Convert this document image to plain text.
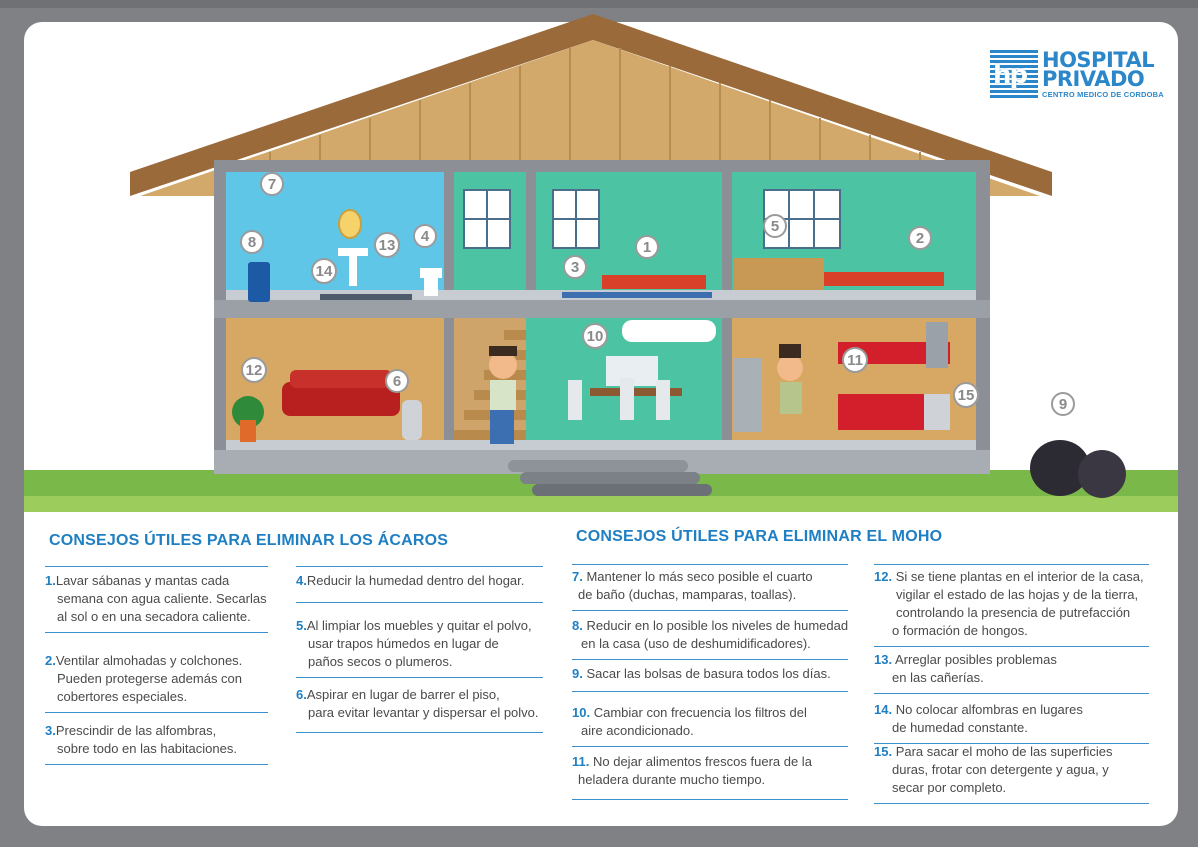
1
2
3
4
5
6
7
8
9
10
11
12
13
14
15
hp HOSPITAL
PRIVADO
CENTRO MEDICO DE CORDOBA
CONSEJOS ÚTILES PARA ELIMINAR LOS ÁCAROS	CONSEJOS ÚTILES PARA ELIMINAR EL MOHO
1.Lavar sábanas y mantas cada
semana con agua caliente. Secarlas
al sol o en una secadora caliente.
2.Ventilar almohadas y colchones.
Pueden protegerse además con
cobertores especiales.
3.Prescindir de las alfombras,
sobre todo en las habitaciones.
4.Reducir la humedad dentro del hogar.
5.Al limpiar los muebles y quitar el polvo,
usar trapos húmedos en lugar de
paños secos o plumeros.
6.Aspirar en lugar de barrer el piso,
para evitar levantar y dispersar el polvo.
7. Mantener lo más seco posible el cuarto
de baño (duchas, mamparas, toallas).
8. Reducir en lo posible los niveles de humedad
en la casa (uso de deshumidificadores).
9. Sacar las bolsas de basura todos los días.
10. Cambiar con frecuencia los filtros del
aire acondicionado.
11. No dejar alimentos frescos fuera de la
heladera durante mucho tiempo.
12. Si se tiene plantas en el interior de la casa,
vigilar el estado de las hojas y de la tierra,
controlando la presencia de putrefacción
o formación de hongos.
13. Arreglar posibles problemas
en las cañerías.
14. No colocar alfombras en lugares
de humedad constante.
15. Para sacar el moho de las superficies
duras, frotar con detergente y agua, y
secar por completo.
